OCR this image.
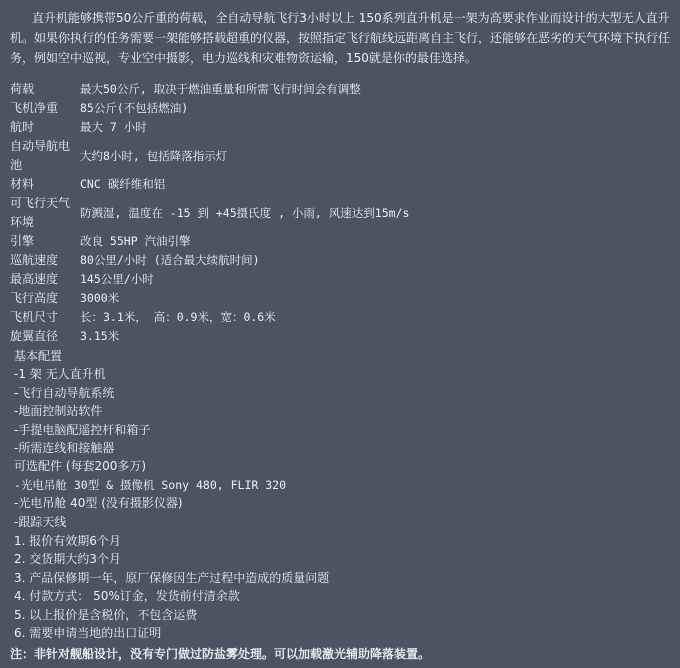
直升机能够携带50公斤重的荷载，全自动导航飞行3小时以上 150系列直升机是一架为高要求作业而设计的大型无人直升机。如果你执行的任务需要一架能够搭载超重的仪器，按照指定飞行航线远距离自主飞行，还能够在恶劣的天气环境下执行任务，例如空中巡视，专业空中摄影，电力巡线和灾难物资运输，150就是你的最佳选择。

荷载	最大50公斤, 取决于燃油重量和所需飞行时间会有调整
飞机净重	85公斤(不包括燃油)
航时	最大 7 小时
自动导航电池	大约8小时, 包括降落指示灯
材料	CNC 碳纤维和铝
可飞行天气环境	防溅湿, 温度在 -15 到 +45摄氏度 , 小雨, 风速达到15m/s
引擎	改良 55HP 汽油引擎
巡航速度	80公里/小时 (适合最大续航时间)
最高速度	145公里/小时
飞行高度	3000米
飞机尺寸	长：3.1米， 高：0.9米，宽：0.6米
旋翼直径	3.15米
基本配置
-1 架 无人直升机
-飞行自动导航系统
-地面控制站软件
-手提电脑配遥控杆和箱子
-所需连线和接触器
可选配件 (每套200多万)
-光电吊舱 30型 & 摄像机 Sony 480, FLIR 320
-光电吊舱 40型 (没有摄影仪器)
-跟踪天线
1. 报价有效期6个月
2. 交货期大约3个月
3. 产品保修期一年，原厂保修因生产过程中造成的质量问题
4. 付款方式： 50%订金，发货前付清余款
5. 以上报价是含税价，不包含运费
6. 需要申请当地的出口证明
注：非针对舰船设计，没有专门做过防盐雾处理。可以加载激光辅助降落装置。
